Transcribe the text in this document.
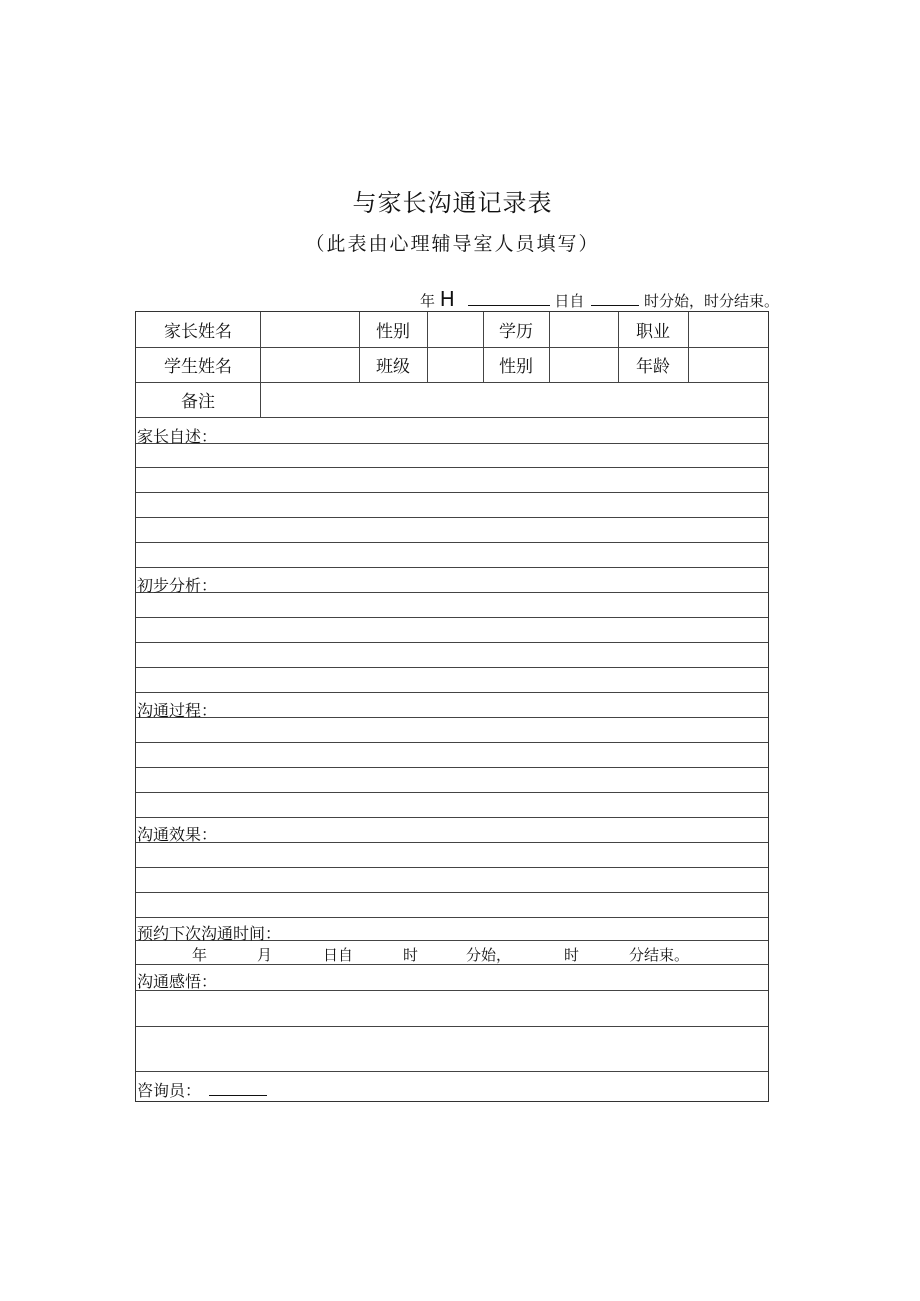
与家长沟通记录表
（此表由心理辅导室人员填写）
年 H	日自	时分始，时分结束。
家长姓名	性别	学历	职业
学生姓名	班级	性别	年龄
备注
家长自述：
初步分析：
沟通过程：
沟通效果：
预约下次沟通时间：
年	月	日自	时	分始，	时	分结束。
沟通感悟：
咨询员：
